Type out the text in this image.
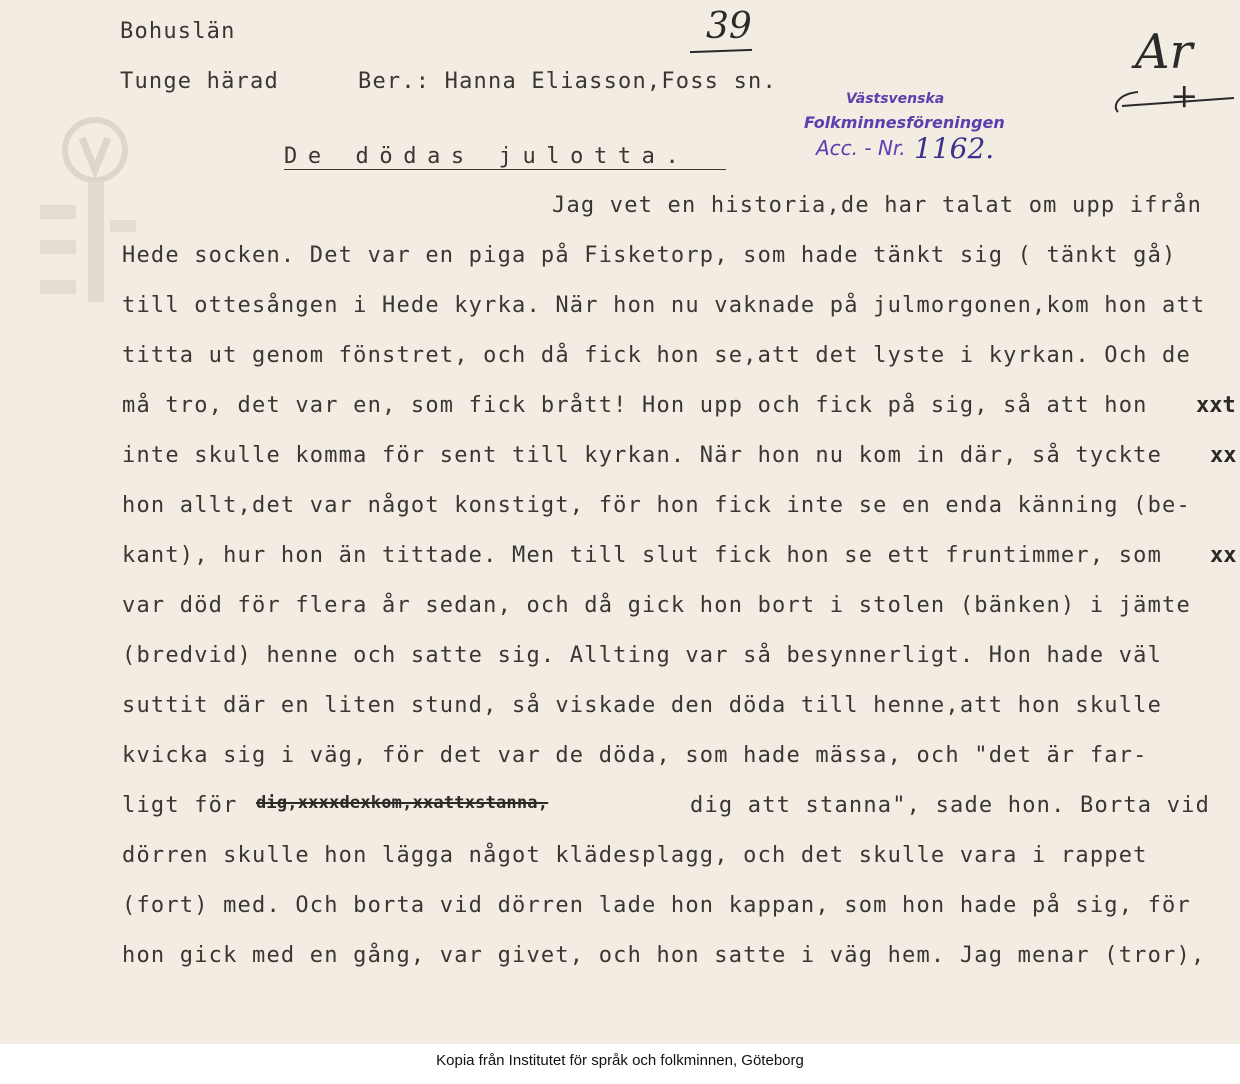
Bohuslän
Tunge härad	Ber.: Hanna Eliasson,Foss sn.
39	Ar
+
Västsvenska
Folkminnesföreningen
Acc. - Nr. 1162.
De dödas julotta.
Jag vet en historia,de har talat om upp ifrån
Hede socken. Det var en piga på Fisketorp, som hade tänkt sig ( tänkt gå)
till ottesången i Hede kyrka. När hon nu vaknade på julmorgonen,kom hon att
titta ut genom fönstret, och då fick hon se,att det lyste i kyrkan. Och de
må tro, det var en, som fick brått! Hon upp och fick på sig, så att hon xxt
inte skulle komma för sent till kyrkan. När hon nu kom in där, så tyckte xx
hon allt,det var något konstigt, för hon fick inte se en enda känning (be-
kant), hur hon än tittade. Men till slut fick hon se ett fruntimmer, som xx
var död för flera år sedan, och då gick hon bort i stolen (bänken) i jämte
(bredvid) henne och satte sig. Allting var så besynnerligt. Hon hade väl
suttit där en liten stund, så viskade den döda till henne,att hon skulle
kvicka sig i väg, för det var de döda, som hade mässa, och "det är far-
ligt för dig,xxxxdexkom,xxattxstanna,	dig att stanna", sade hon. Borta vid
dörren skulle hon lägga något klädesplagg, och det skulle vara i rappet
(fort) med. Och borta vid dörren lade hon kappan, som hon hade på sig, för
hon gick med en gång, var givet, och hon satte i väg hem. Jag menar (tror),
Kopia från Institutet för språk och folkminnen, Göteborg
